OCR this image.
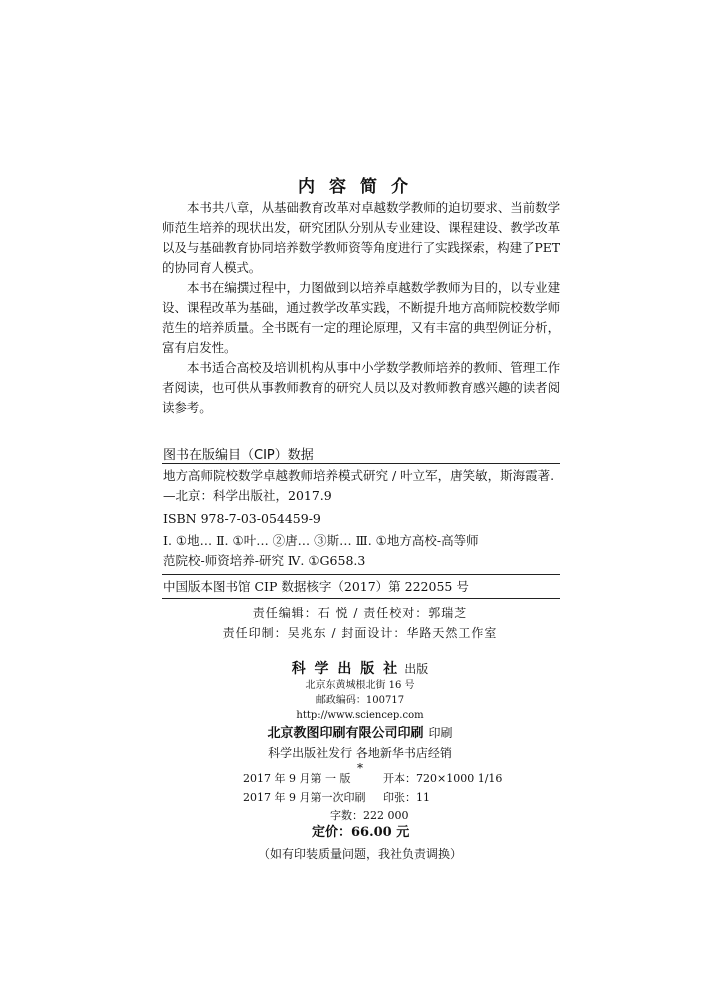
内容简介

本书共八章，从基础教育改革对卓越数学教师的迫切要求、当前数学师范生培养的现状出发，研究团队分别从专业建设、课程建设、教学改革以及与基础教育协同培养数学教师资等角度进行了实践探索，构建了PET的协同育人模式。

本书在编撰过程中，力图做到以培养卓越数学教师为目的，以专业建设、课程改革为基础，通过教学改革实践，不断提升地方高师院校数学师范生的培养质量。全书既有一定的理论原理，又有丰富的典型例证分析，富有启发性。

本书适合高校及培训机构从事中小学数学教师培养的教师、管理工作者阅读，也可供从事教师教育的研究人员以及对教师教育感兴趣的读者阅读参考。

图书在版编目（CIP）数据
地方高师院校数学卓越教师培养模式研究 / 叶立军，唐笑敏，斯海霞著.
—北京：科学出版社，2017.9
ISBN 978-7-03-054459-9
Ⅰ. ①地… Ⅱ. ①叶… ②唐… ③斯… Ⅲ. ①地方高校-高等师
范院校-师资培养-研究 Ⅳ. ①G658.3
中国版本图书馆 CIP 数据核字（2017）第 222055 号
责任编辑：石 悦 / 责任校对：郭瑞芝
责任印制：吴兆东 / 封面设计：华路天然工作室
科 学 出 版 社 出版
北京东黄城根北街 16 号
邮政编码：100717
http://www.sciencep.com
北京教图印刷有限公司印刷 印刷
科学出版社发行 各地新华书店经销
*
2017 年 9 月第 一 版	开本：720×1000 1/16
2017 年 9 月第一次印刷 印张：11
字数：222 000
定价：66.00 元
（如有印装质量问题，我社负责调换）
